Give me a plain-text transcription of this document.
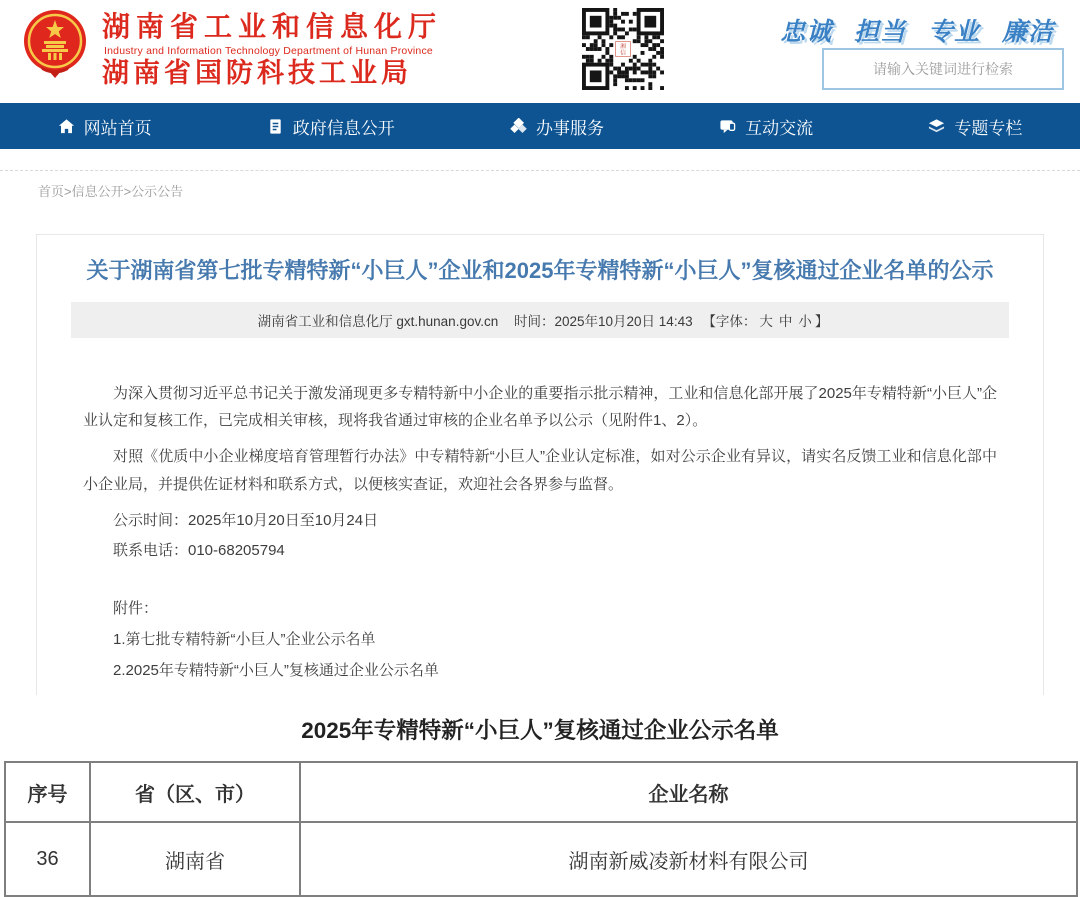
湖南省工业和信息化厅
Industry and Information Technology Department of Hunan Province
湖南省国防科技工业局
湘
信
忠诚 担当 专业 廉洁
请输入关键词进行检索
网站首页	政府信息公开	办事服务	互动交流	专题专栏
首页>信息公开>公示公告
关于湖南省第七批专精特新“小巨人”企业和2025年专精特新“小巨人”复核通过企业名单的公示
湖南省工业和信息化厅 gxt.hunan.gov.cn 时间：2025年10月20日 14:43 【字体： 大 中 小 】

为深入贯彻习近平总书记关于激发涌现更多专精特新中小企业的重要指示批示精神，工业和信息化部开展了2025年专精特新“小巨人”企业认定和复核工作，已完成相关审核，现将我省通过审核的企业名单予以公示（见附件1、2）。

对照《优质中小企业梯度培育管理暂行办法》中专精特新“小巨人”企业认定标准，如对公示企业有异议，请实名反馈工业和信息化部中小企业局，并提供佐证材料和联系方式，以便核实查证，欢迎社会各界参与监督。

公示时间：2025年10月20日至10月24日

联系电话：010-68205794

附件：

1.第七批专精特新“小巨人”企业公示名单

2.2025年专精特新“小巨人”复核通过企业公示名单

2025年专精特新“小巨人”复核通过企业公示名单
序号	省（区、市）	企业名称
36	湖南省	湖南新威凌新材料有限公司
